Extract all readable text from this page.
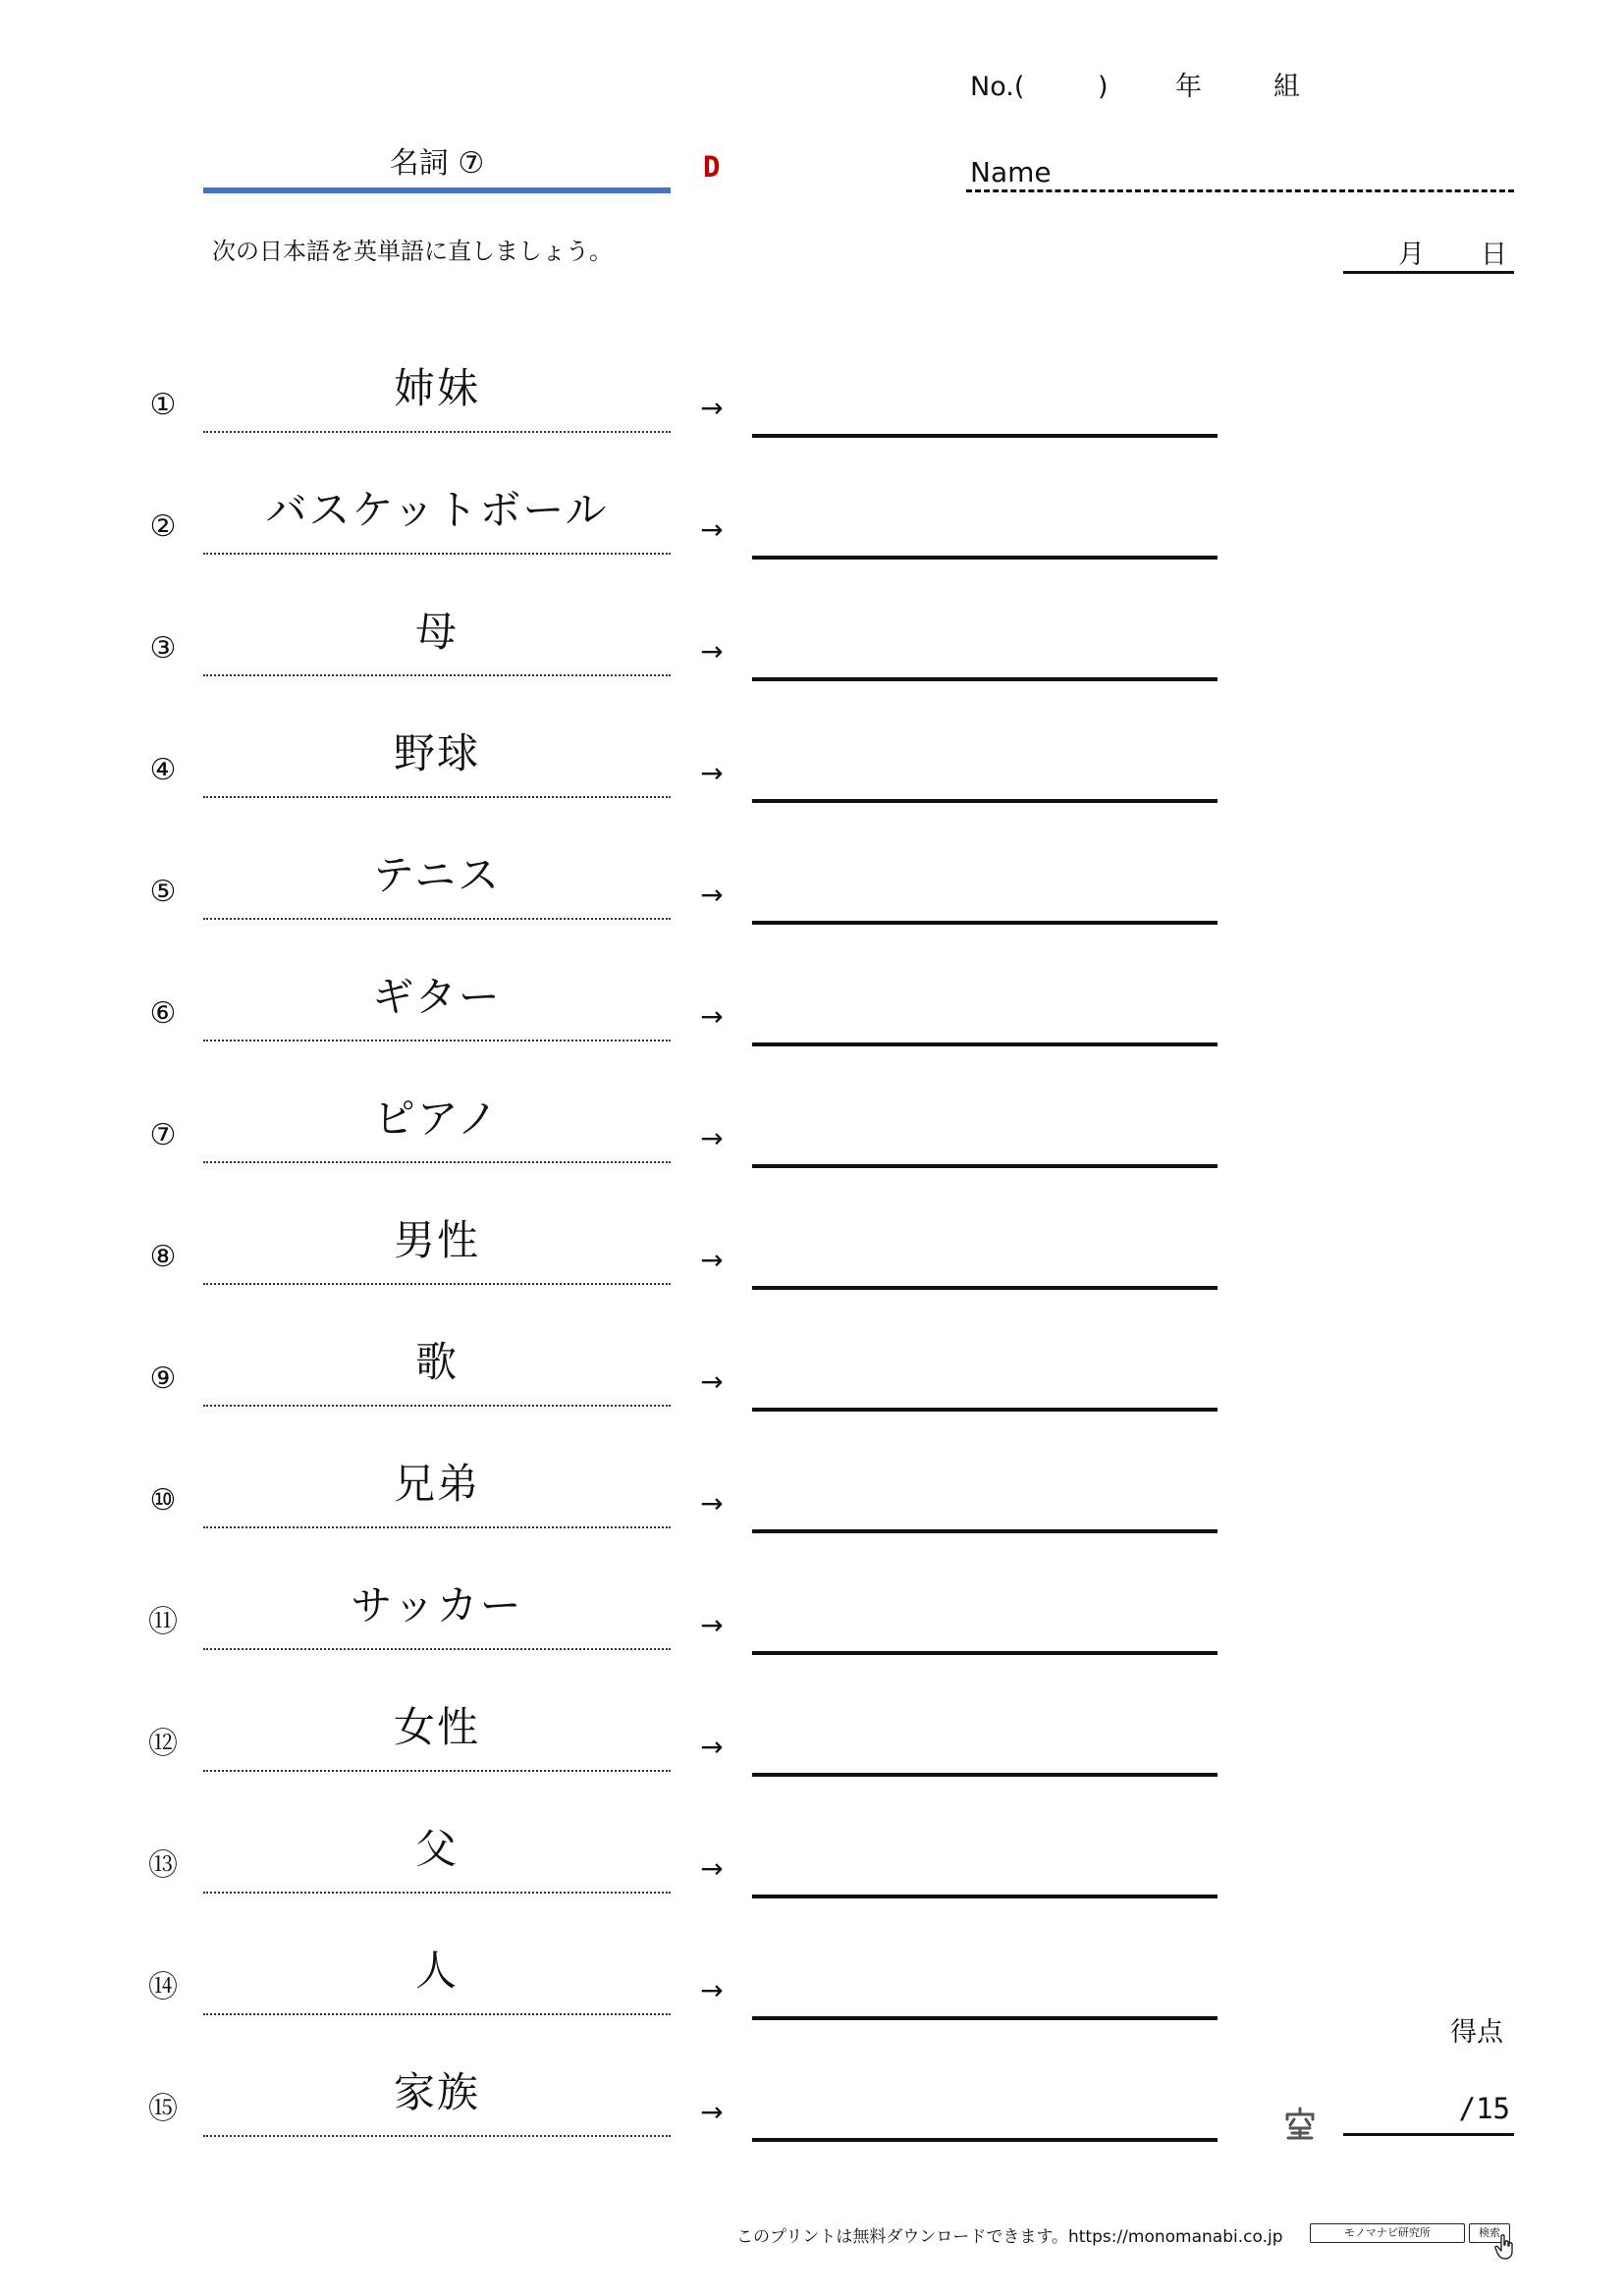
No.(	)	年	組
名詞 ⑦	D	Name
次の日本語を英単語に直しましょう。	月 日
①	姉妹	→
②	バスケットボール	→
③	母	→
④	野球	→
⑤	テニス	→
⑥	ギター	→
⑦	ピアノ	→
⑧	男性	→
⑨	歌	→
⑩	兄弟	→
⑪	サッカー	→
⑫	女性	→
⑬	父	→
⑭	人	→
⑮	家族	→
得点
/15
このプリントは無料ダウンロードできます。https://monomanabi.co.jp	モノマナビ研究所	検索
